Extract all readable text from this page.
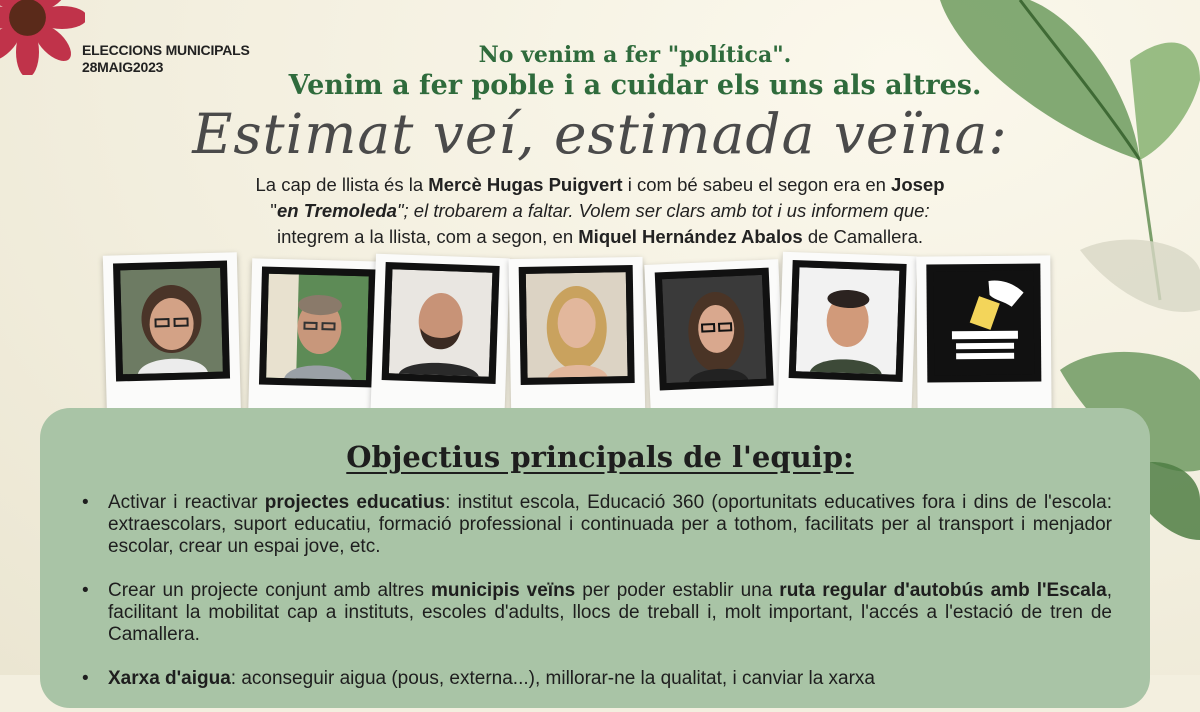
ELECCIONS MUNICIPALS
28MAIG2023	No venim a fer "política".
Venim a fer poble i a cuidar els uns als altres.
Estimat veí, estimada veïna:
La cap de llista és la Mercè Hugas Puigvert i com bé sabeu el segon era en Josep
"en Tremoleda"; el trobarem a faltar. Volem ser clars amb tot i us informem que:
integrem a la llista, com a segon, en Miquel Hernández Abalos de Camallera.
Objectius principals de l'equip:
• Activar i reactivar projectes educatius: institut escola, Educació 360 (oportunitats educatives fora i dins de l'escola: extraescolars, suport educatiu, formació professional i continuada per a tothom, facilitats per al transport i menjador escolar, crear un espai jove, etc.
• Crear un projecte conjunt amb altres municipis veïns per poder establir una ruta regular d'autobús amb l'Escala, facilitant la mobilitat cap a instituts, escoles d'adults, llocs de treball i, molt important, l'accés a l'estació de tren de Camallera.
• Xarxa d'aigua: aconseguir aigua (pous, externa...), millorar-ne la qualitat, i canviar la xarxa
